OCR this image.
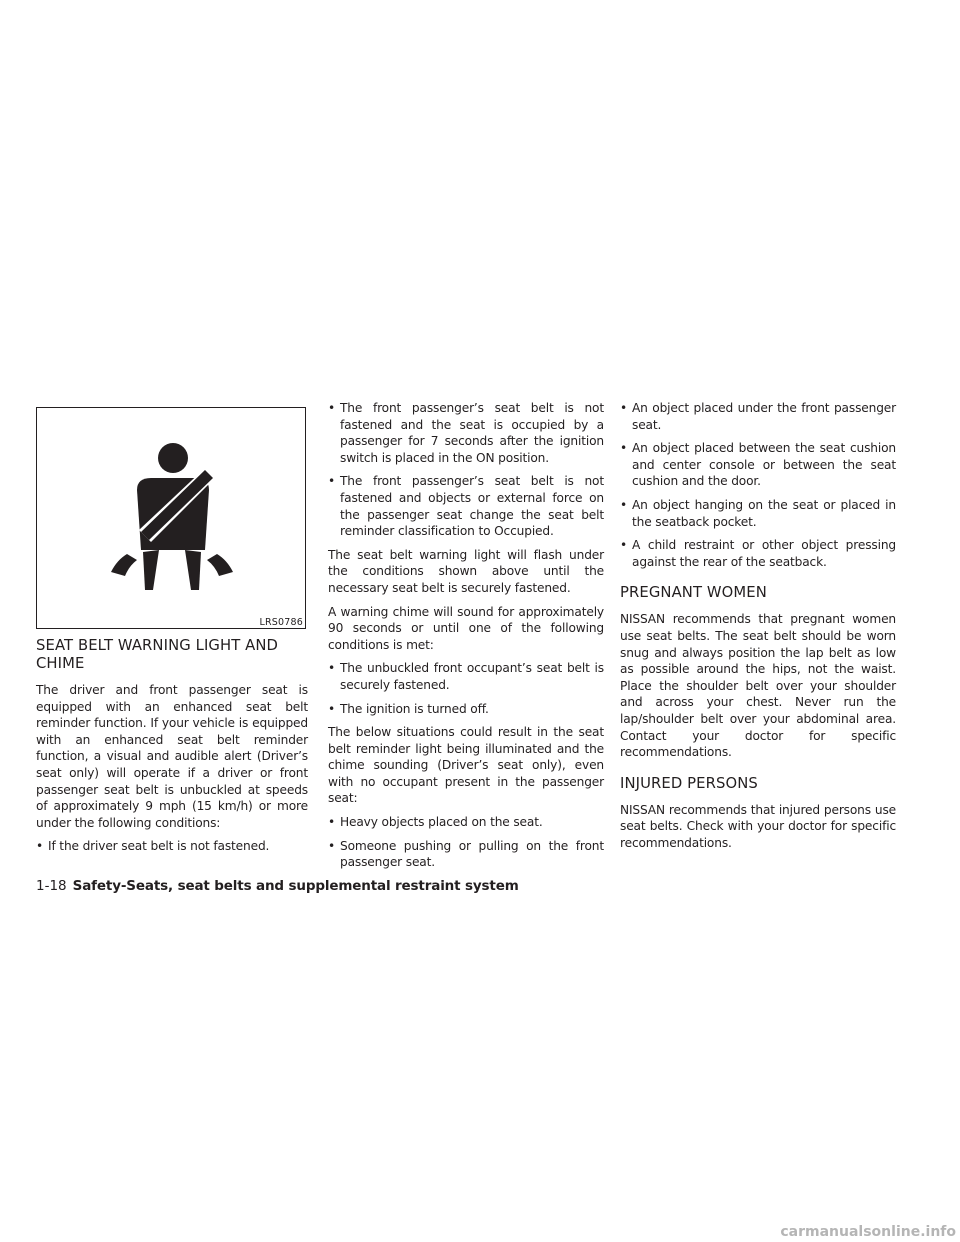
LRS0786
SEAT BELT WARNING LIGHT AND CHIME

The driver and front passenger seat is equipped with an enhanced seat belt reminder function. If your vehicle is equipped with an enhanced seat belt reminder function, a visual and audible alert (Driver’s seat only) will operate if a driver or front passenger seat belt is unbuckled at speeds of approximately 9 mph (15 km/h) or more under the following conditions:

• If the driver seat belt is not fastened.

• The front passenger’s seat belt is not fastened and the seat is occupied by a passenger for 7 seconds after the ignition switch is placed in the ON position.

• The front passenger’s seat belt is not fastened and objects or external force on the passenger seat change the seat belt reminder classification to Occupied.

The seat belt warning light will flash under the conditions shown above until the necessary seat belt is securely fastened.

A warning chime will sound for approximately 90 seconds or until one of the following conditions is met:

• The unbuckled front occupant’s seat belt is securely fastened.

• The ignition is turned off.

The below situations could result in the seat belt reminder light being illuminated and the chime sounding (Driver’s seat only), even with no occupant present in the passenger seat:

• Heavy objects placed on the seat.

• Someone pushing or pulling on the front passenger seat.

• An object placed under the front passenger seat.

• An object placed between the seat cushion and center console or between the seat cushion and the door.

• An object hanging on the seat or placed in the seatback pocket.

• A child restraint or other object pressing against the rear of the seatback.

PREGNANT WOMEN

NISSAN recommends that pregnant women use seat belts. The seat belt should be worn snug and always position the lap belt as low as possible around the hips, not the waist. Place the shoulder belt over your shoulder and across your chest. Never run the lap/shoulder belt over your abdominal area. Contact your doctor for specific recommendations.

INJURED PERSONS

NISSAN recommends that injured persons use seat belts. Check with your doctor for specific recommendations.

1-18 Safety-Seats, seat belts and supplemental restraint system
carmanualsonline.info
